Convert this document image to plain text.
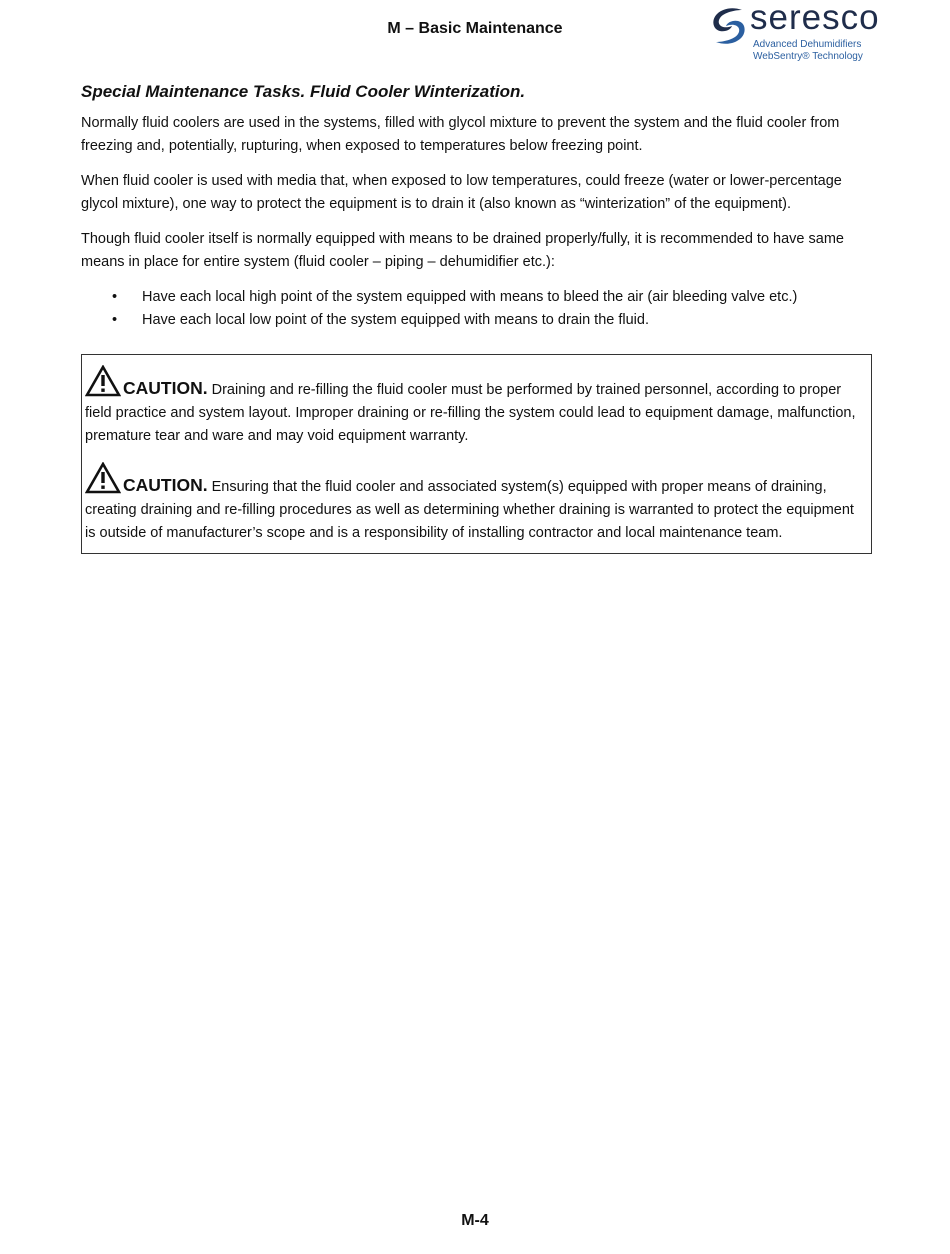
M – Basic Maintenance	seresco
Advanced Dehumidifiers
WebSentry® Technology
Special Maintenance Tasks. Fluid Cooler Winterization.

Normally fluid coolers are used in the systems, filled with glycol mixture to prevent the system and the fluid cooler from freezing and, potentially, rupturing, when exposed to temperatures below freezing point.

When fluid cooler is used with media that, when exposed to low temperatures, could freeze (water or lower-percentage glycol mixture), one way to protect the equipment is to drain it (also known as “winterization” of the equipment).

Though fluid cooler itself is normally equipped with means to be drained properly/fully, it is recommended to have same means in place for entire system (fluid cooler – piping – dehumidifier etc.):

• Have each local high point of the system equipped with means to bleed the air (air bleeding valve etc.)
• Have each local low point of the system equipped with means to drain the fluid.
CAUTION. Draining and re-filling the fluid cooler must be performed by trained personnel, according to proper field practice and system layout. Improper draining or re-filling the system could lead to equipment damage, malfunction, premature tear and ware and may void equipment warranty.
CAUTION. Ensuring that the fluid cooler and associated system(s) equipped with proper means of draining, creating draining and re-filling procedures as well as determining whether draining is warranted to protect the equipment is outside of manufacturer’s scope and is a responsibility of installing contractor and local maintenance team.
M-4
